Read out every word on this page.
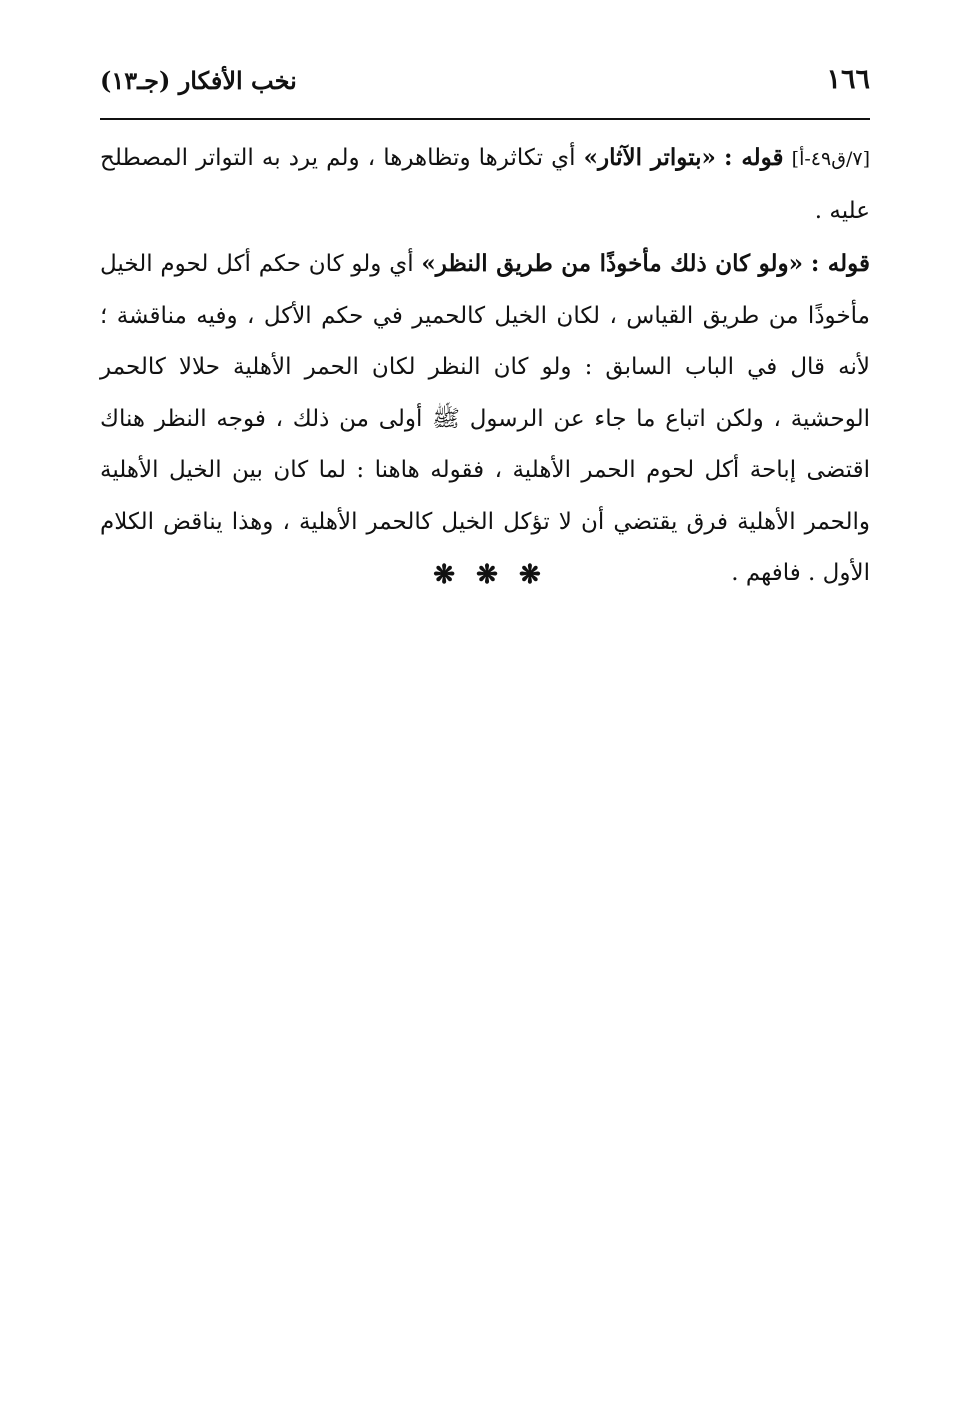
١٦٦
نخب الأفكار (جـ١٣)

[٧/ق٤٩-أ] قوله : «بتواتر الآثار» أي تكاثرها وتظاهرها ، ولم يرد به التواتر المصطلح عليه .

قوله : «ولو كان ذلك مأخوذًا من طريق النظر» أي ولو كان حكم أكل لحوم الخيل مأخوذًا من طريق القياس ، لكان الخيل كالحمير في حكم الأكل ، وفيه مناقشة ؛ لأنه قال في الباب السابق : ولو كان النظر لكان الحمر الأهلية حلالا كالحمر الوحشية ، ولكن اتباع ما جاء عن الرسول ﷺ أولى من ذلك ، فوجه النظر هناك اقتضى إباحة أكل لحوم الحمر الأهلية ، فقوله هاهنا : لما كان بين الخيل الأهلية والحمر الأهلية فرق يقتضي أن لا تؤكل الخيل كالحمر الأهلية ، وهذا يناقض الكلام الأول . فافهم .

❋ ❋ ❋
